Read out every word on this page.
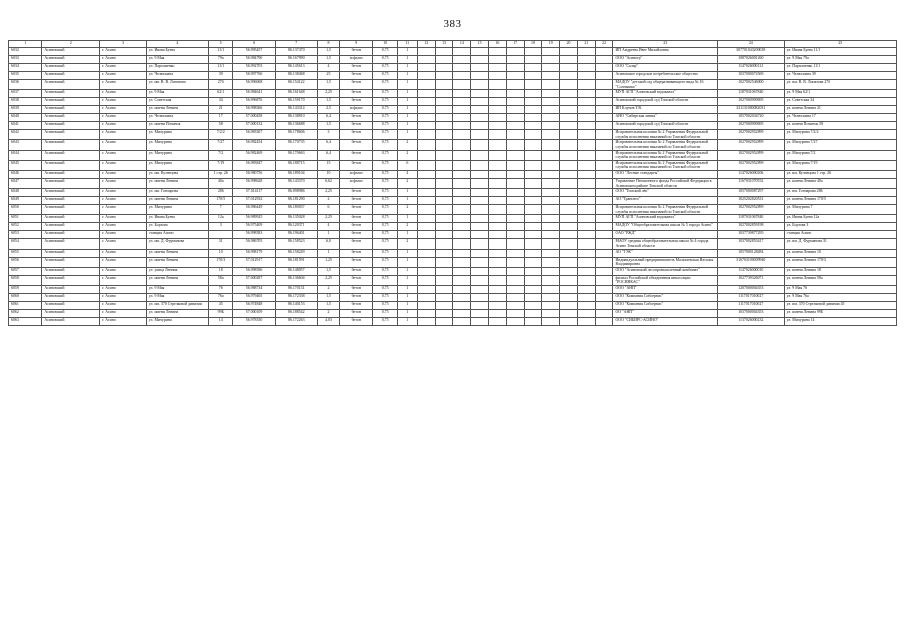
383
1	2	3	4	5	6	7	8	9	10	11	12	13	14	15	16	17	18	19	20	21	22	23	24	25
6032	Асиновский	г. Асино	ул. Ивана Буева	11/1	56.995457	86.137470	1,5	бетон	0,75	1												ИП Андреева Ивет Михайловна	307701043200018	ул. Ивана Буева 11/1
6033	Асиновский	г. Асино	ул. 9 Мая	79а	56.984790	86.167990	1,5	асфальт	0,75	1												ООО "Асиногр"	1087026001260	ул. 9 Мая 79а
6034	Асиновский	г. Асино	ул. Пархоменко	11/1	56.992703	86.145613	4	бетон	0,75	1												ООО "Салар"	1147026000121	ул. Пархоменко 11/1
6035	Асиновский	г. Асино	ул. Челюскина	39	56.997766	86.138468	25	бетон	0,75	1												Асиновское городское потребительское общество	1037000074569	ул. Челюскина 39
6036	Асиновский	г. Асино	ул. им. В. В. Липатова	27б	56.996068	86.154122	1,5	бетон	0,75	1												МАДОУ "детский сад общеразвивающего вида № 16 "Солнышко"	1027002546000	ул. им. В. В. Липатова 27б
6037	Асиновский	г. Асино	ул. 9 Мая	62/1	56.984641	86.161648	2,25	бетон	0,75	1												МУП АГП "Асиновский водоканал"	1187031067840	ул. 9 Мая 62/1
6038	Асиновский	г. Асино	ул. Советская	34	56.996876	86.159170	1,5	бетон	0,75	1												Асиновский городской суд Томской области	1027000909695	ул. Советская 34
6039	Асиновский	г. Асино	ул. имени Ленина	21	56.998366	86.143314	2,5	асфальт	0,75	1												ИП Клунов Т.В.	321131000082031	ул. имени Ленина 21
6040	Асиновский	г. Асино	ул. Челюскина	17	57.000458	86.138810	6,4	бетон	0,75	1												АНО "Сибирская линия"	1057002034720	ул. Челюскина 17
6041	Асиновский	г. Асино	ул. имени Починок	58	57.000132	86.136688	1,5	бетон	0,75	1												Асиновский городской суд Томской области	1027000909695	ул. имени Починок 58
6042	Асиновский	г. Асино	ул. Мичурина	7/2/2	56.983307	86.178606	3	бетон	0,75	1												Исправительная колония № 2 Управления Федеральной службы исполнения наказаний по Томской области	1027002952899	ул. Мичурина 7/2/2
6043	Асиновский	г. Асино	ул. Мичурина	7/27	56.982454	86.170735	6,4	бетон	0,75	2												Исправительная колония № 2 Управления Федеральной службы исполнения наказаний по Томской области	1027002952899	ул. Мичурина 7/27
6044	Асиновский	г. Асино	ул. Мичурина	7/2	56.982469	86.170663	6,4	бетон	0,75	2												Исправительная колония № 2 Управления Федеральной службы исполнения наказаний по Томской области	1027002952899	ул. Мичурина 7/2
6045	Асиновский	г. Асино	ул. Мичурина	7/19	56.983847	86.188715	15	бетон	0,75	6												Исправительная колония № 2 Управления Федеральной службы исполнения наказаний по Томской области	1027002952899	ул. Мичурина 7/19
6046	Асиновский	г. Асино	ул. им. Кузнецова	1 стр. 26	56.980756	86.189104	10	асфальт	0,75	4												ООО "Лесные стандарты"	1147026000206	ул. им. Кузнецова 1 стр. 26
6047	Асиновский	г. Асино	ул. имени Ленина	40а	56.998628	86.143370	6,62	асфальт	0,75	2												Управление Пенсионного фонда Российской Федерации в Асиновском районе Томской области	1167031070552	ул. имени Ленина 40а
6048	Асиновский	г. Асино	ул. им. Гончарова	286	57.014117	86.098986	2,25	бетон	0,75	1												ООО "Томский лёп"	1057000087297	ул. им. Гончарова 286
6049	Асиновский	г. Асино	ул. имени Ленина	170/5	57.012932	86.181290	2	бетон	0,75	1												АО "Транснео"	1025202820531	ул. имени Ленина 170/5
6050	Асиновский	г. Асино	ул. Мичурина	7	56.986449	86.180037	6	бетон	0,75	2												Исправительная колония № 2 Управления Федеральной службы исполнения наказаний по Томской области	1027002952899	ул. Мичурина 7
6051	Асиновский	г. Асино	ул. Ивана Буева	12а	56.989925	86.135028	2,25	бетон	0,75	1												МУП АГП "Асиновский водоканал"	1187031067840	ул. Ивана Буева 12а
6052	Асиновский	г. Асино	ул. Борзова	3	56.975409	86.120371	4	бетон	0,75	2												МАДОУ "Общеобразовательная школа № 5 города Асино"	1027002859198	ул. Борзова 3
6053	Асиновский	г. Асино	станция Асино		56.998383	86.196401	1	бетон	0,75	1												ОАО "РЖД"	1037739877295	станция Асино
6054	Асиновский	г. Асино	ул. им. Д. Фурманова	31	56.986705	86.158523	6,0	бетон	0,75	2												МАОУ средняя общеобразовательная школа № 4 города Асино Томской области	1037002853417	ул. им. Д. Фурманова 31
6055	Асиновский	г. Асино	ул. имени Ленина	10	56.998179	86.158249	1	бетон	0,75	1												АО "ТЭК"	1057000128484	ул. имени Ленина 10
6056	Асиновский	г. Асино	ул. имени Ленина	170/3	57.012917	86.181591	1,25	бетон	0,75	1												Индивидуальный предприниматель Малахаевская Наталья Владимировна	316703100009940	ул. имени Ленина 170/3
6057	Асиновский	г. Асино	ул. улица Ленина	18	56.998396	86.148057	1,5	бетон	0,75	1												ООО "Асиновский лесопромышленный комбинат"	1147026000010	ул. имени Ленина 18
6058	Асиновский	г. Асино	ул. имени Ленина	58а	57.000287	86.136604	2,25	бетон	0,75	1												филиал Российской объединения инкассации "РОСИНКАС"	1027739326071	ул. имени Ленина 58а
6059	Асиновский	г. Асино	ул. 9 Мая	76	56.988734	86.170131	2	бетон	0,75	1												ООО "АНП"	1207000004353	ул. 9 Мая 76
6060	Асиновский	г. Асино	ул. 9 Мая	76а	56.979465	86.172338	1,5	бетон	0,75	1												ООО "Компания Сибсервис"	1117017010027	ул. 9 Мая 76а
6061	Асиновский	г. Асино	ул. им. 370 Стрелковой дивизии	45	56.974848	86.140153	1,5	бетон	0,75	1												ООО "Компания Сибсервис"	1117017010027	ул. им. 370 Стрелковой дивизии 45
6062	Асиновский	г. Асино	ул. имени Ленина	99Б	57.000109	86.188542	2	бетон	0,75	1												ОО "АНП"	1037000004353	ул. имени Ленина 99Б
6063	Асиновский	г. Асино	ул. Мичурина	14	56.978350	86.172263	4,03	бетон	0,75	1												ООО "СИБИРС-АСИНО"	1137026000232	ул. Мичурина 14
